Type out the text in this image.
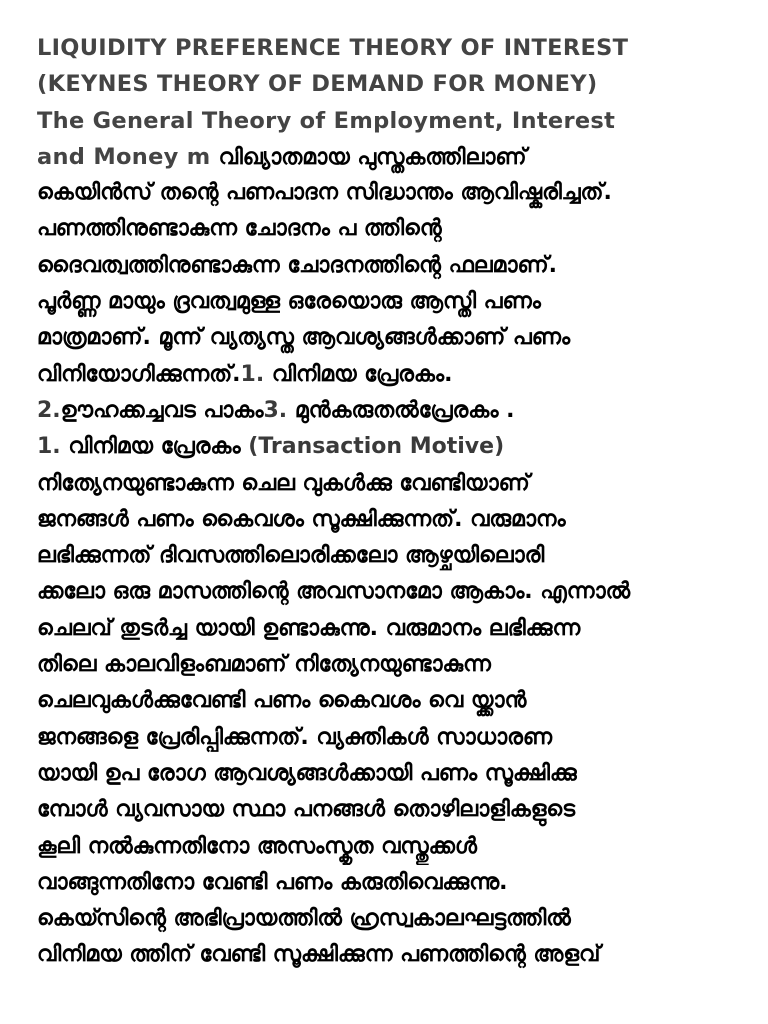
LIQUIDITY PREFERENCE THEORY OF INTEREST
(KEYNES THEORY OF DEMAND FOR MONEY)
The General Theory of Employment, Interest
and Money m വിഖ്യാതമായ പുസ്തകത്തിലാണ്
കെയിൻസ് തന്റെ പണപാദന സിദ്ധാന്തം ആവിഷ്കരിച്ചത്.
പണത്തിനുണ്ടാകുന്ന ചോദനം പ ത്തിന്റെ
ദൈവത്വത്തിനുണ്ടാകുന്ന ചോദനത്തിന്റെ ഫലമാണ്.
പൂർണ്ണ മായും ദ്രവത്വമുള്ള ഒരേയൊരു ആസ്തി പണം
മാത്രമാണ്. മൂന്ന് വ്യത്യസ്ത ആവശ്യങ്ങൾക്കാണ് പണം
വിനിയോഗിക്കുന്നത്.1. വിനിമയ പ്രേരകം.
2.ഊഹക്കച്ചവട പാകം3. മുൻകരുതൽപ്രേരകം .
1. വിനിമയ പ്രേരകം (Transaction Motive)
നിത്യേനയുണ്ടാകുന്ന ചെല വുകൾക്കു വേണ്ടിയാണ്
ജനങ്ങൾ പണം കൈവശം സൂക്ഷിക്കുന്നത്. വരുമാനം
ലഭിക്കുന്നത് ദിവസത്തിലൊരിക്കലോ ആഴ്ചയിലൊരി
ക്കലോ ഒരു മാസത്തിന്റെ അവസാനമോ ആകാം. എന്നാൽ
ചെലവ് തുടർച്ച യായി ഉണ്ടാകുന്നു. വരുമാനം ലഭിക്കുന്ന
തിലെ കാലവിളംബമാണ് നിത്യേനയുണ്ടാകുന്ന
ചെലവുകൾക്കുവേണ്ടി പണം കൈവശം വെ യ്ക്കാൻ
ജനങ്ങളെ പ്രേരിപ്പിക്കുന്നത്. വ്യക്തികൾ സാധാരണ
യായി ഉപ രോഗ ആവശ്യങ്ങൾക്കായി പണം സൂക്ഷിക്കു
മ്പോൾ വ്യവസായ സ്ഥാ പനങ്ങൾ തൊഴിലാളികളുടെ
കൂലി നൽകുന്നതിനോ അസംസ്കൃത വസ്തുക്കൾ
വാങ്ങുന്നതിനോ വേണ്ടി പണം കരുതിവെക്കുന്നു.
കെയ്സിന്റെ അഭിപ്രായത്തിൽ ഹ്രസ്വകാലഘട്ടത്തിൽ
വിനിമയ ത്തിന് വേണ്ടി സൂക്ഷിക്കുന്ന പണത്തിന്റെ അളവ്
